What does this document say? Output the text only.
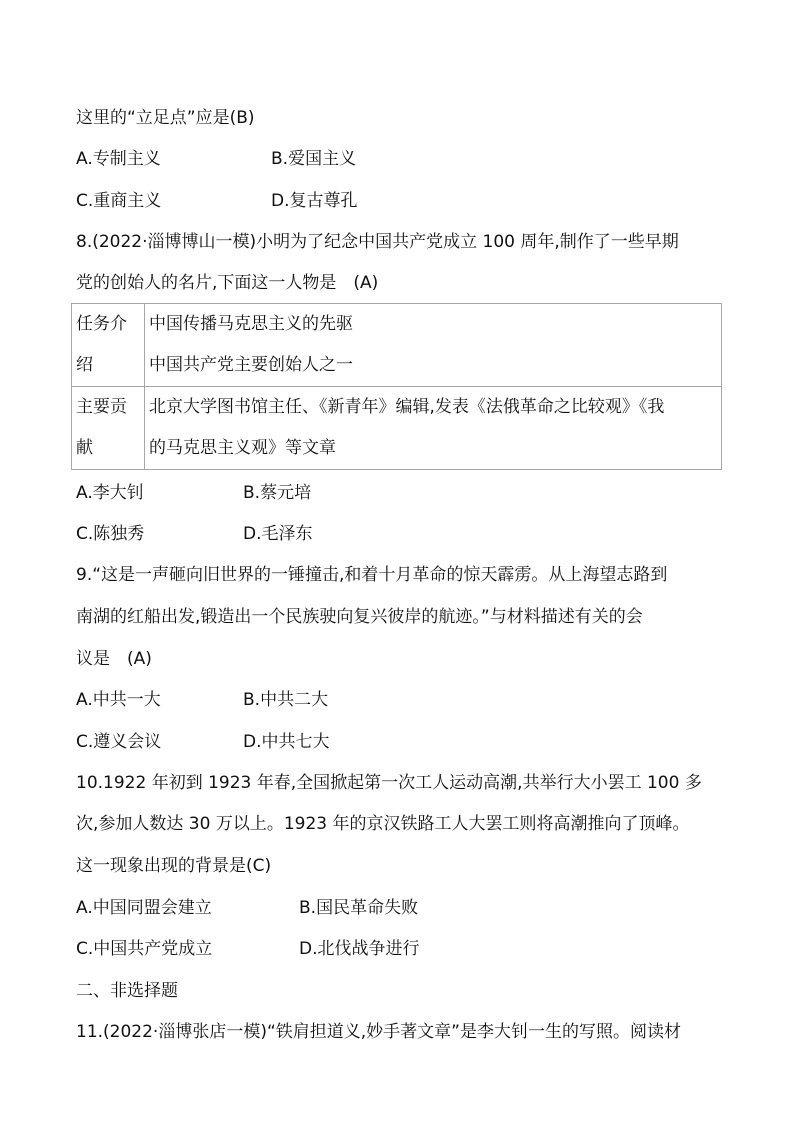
这里的“立足点”应是(B)
A.专制主义	B.爱国主义
C.重商主义	D.复古尊孔
8.(2022·淄博博山一模)小明为了纪念中国共产党成立 100 周年,制作了一些早期
党的创始人的名片,下面这一人物是　(A)
任务介
绍	中国传播马克思主义的先驱
中国共产党主要创始人之一

主要贡
献	北京大学图书馆主任、《新青年》编辑,发表《法俄革命之比较观》《我
的马克思主义观》等文章
A.李大钊	B.蔡元培
C.陈独秀	D.毛泽东
9.“这是一声砸向旧世界的一锤撞击,和着十月革命的惊天霹雳。从上海望志路到
南湖的红船出发,锻造出一个民族驶向复兴彼岸的航迹。”与材料描述有关的会
议是　(A)
A.中共一大	B.中共二大
C.遵义会议	D.中共七大
10.1922 年初到 1923 年春,全国掀起第一次工人运动高潮,共举行大小罢工 100 多
次,参加人数达 30 万以上。1923 年的京汉铁路工人大罢工则将高潮推向了顶峰。
这一现象出现的背景是(C)
A.中国同盟会建立	B.国民革命失败
C.中国共产党成立	D.北伐战争进行
二、非选择题
11.(2022·淄博张店一模)“铁肩担道义,妙手著文章”是李大钊一生的写照。阅读材
